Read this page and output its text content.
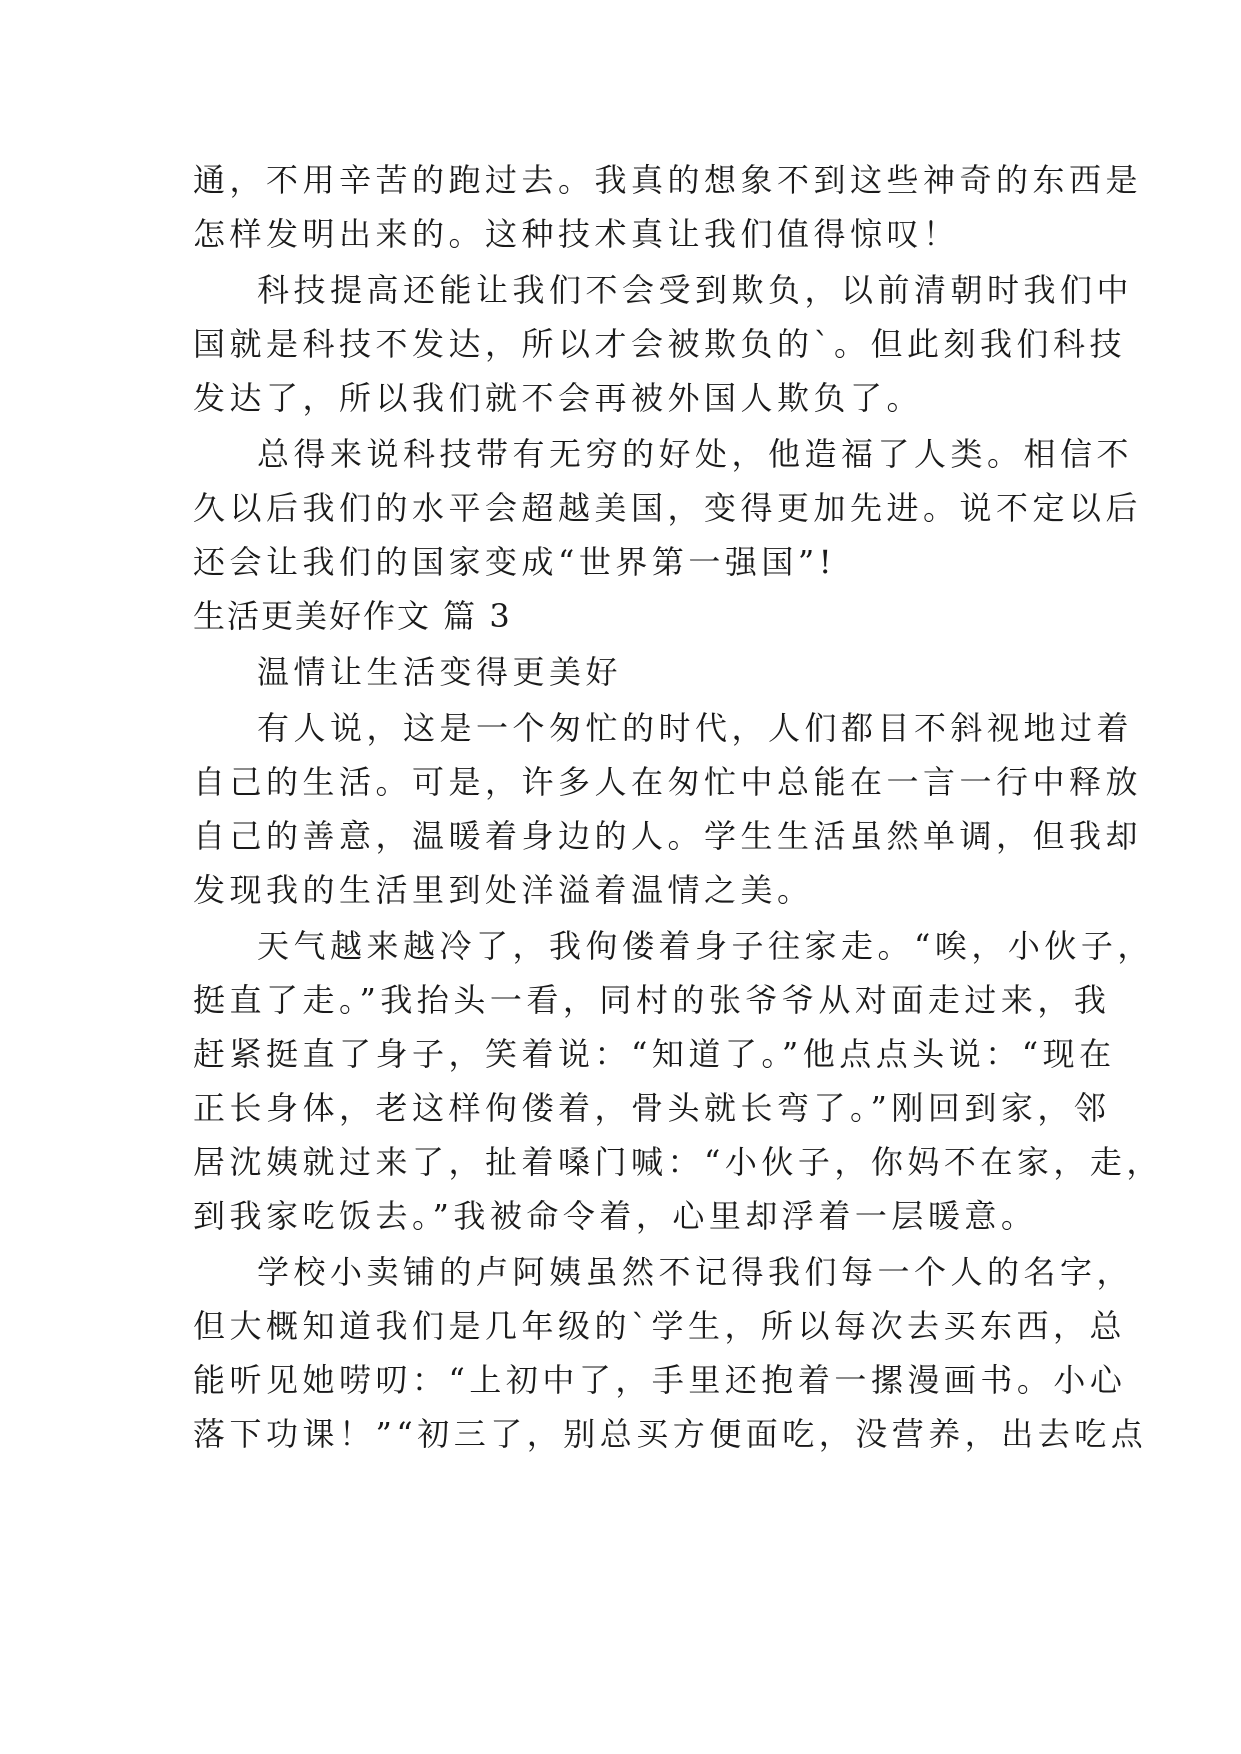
通，不用辛苦的跑过去。我真的想象不到这些神奇的东西是
怎样发明出来的。这种技术真让我们值得惊叹！
科技提高还能让我们不会受到欺负，以前清朝时我们中
国就是科技不发达，所以才会被欺负的`。但此刻我们科技
发达了，所以我们就不会再被外国人欺负了。
总得来说科技带有无穷的好处，他造福了人类。相信不
久以后我们的水平会超越美国，变得更加先进。说不定以后
还会让我们的国家变成“世界第一强国”!
生活更美好作文 篇 3
温情让生活变得更美好
有人说，这是一个匆忙的时代，人们都目不斜视地过着
自己的生活。可是，许多人在匆忙中总能在一言一行中释放
自己的善意，温暖着身边的人。学生生活虽然单调，但我却
发现我的生活里到处洋溢着温情之美。
天气越来越冷了，我佝偻着身子往家走。“唉，小伙子，
挺直了走。”我抬头一看，同村的张爷爷从对面走过来，我
赶紧挺直了身子，笑着说：“知道了。”他点点头说：“现在
正长身体，老这样佝偻着，骨头就长弯了。”刚回到家，邻
居沈姨就过来了，扯着嗓门喊：“小伙子，你妈不在家，走，
到我家吃饭去。”我被命令着，心里却浮着一层暖意。
学校小卖铺的卢阿姨虽然不记得我们每一个人的名字，
但大概知道我们是几年级的`学生，所以每次去买东西，总
能听见她唠叨：“上初中了，手里还抱着一摞漫画书。小心
落下功课！”“初三了，别总买方便面吃，没营养，出去吃点
